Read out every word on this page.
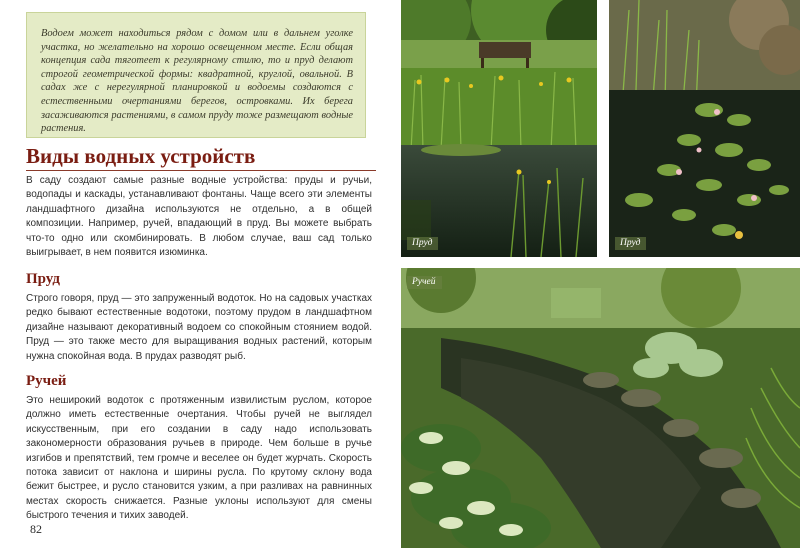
Водоем может находиться рядом с домом или в дальнем уголке участка, но желательно на хорошо освещенном месте. Если общая концепция сада тяготеет к регулярному стилю, то и пруд делают строгой геометрической формы: квадратной, круглой, овальной. В садах же с нерегулярной планировкой и водоемы создаются с естественными очертаниями берегов, островками. Их берега засаживаются растениями, в самом пруду тоже размещают водные растения.

Виды водных устройств

В саду создают самые разные водные устройства: пруды и ручьи, водопады и каскады, устанавливают фонтаны. Чаще всего эти элементы ландшафтного дизайна используются не отдельно, а в общей композиции. Например, ручей, впадающий в пруд. Вы можете выбрать что-то одно или скомбинировать. В любом случае, ваш сад только выигрывает, в нем появится изюминка.

Пруд

Строго говоря, пруд — это запруженный водоток. Но на садовых участках редко бывают естественные водотоки, поэтому прудом в ландшафтном дизайне называют декоративный водоем со спокойным стоянием водой. Пруд — это также место для выращивания водных растений, которым нужна спокойная вода. В прудах разводят рыб.

Ручей

Это неширокий водоток с протяженным извилистым руслом, которое должно иметь естественные очертания. Чтобы ручей не выглядел искусственным, при его создании в саду надо использовать закономерности образования ручьев в природе. Чем больше в ручье изгибов и препятствий, тем громче и веселее он будет журчать. Скорость потока зависит от наклона и ширины русла. По крутому склону вода бежит быстрее, и русло становится узким, а при разливах на равнинных местах скорость снижается. Разные уклоны используют для смены быстрого течения и тихих заводей.

82
Пруд	Пруд
Ручей
